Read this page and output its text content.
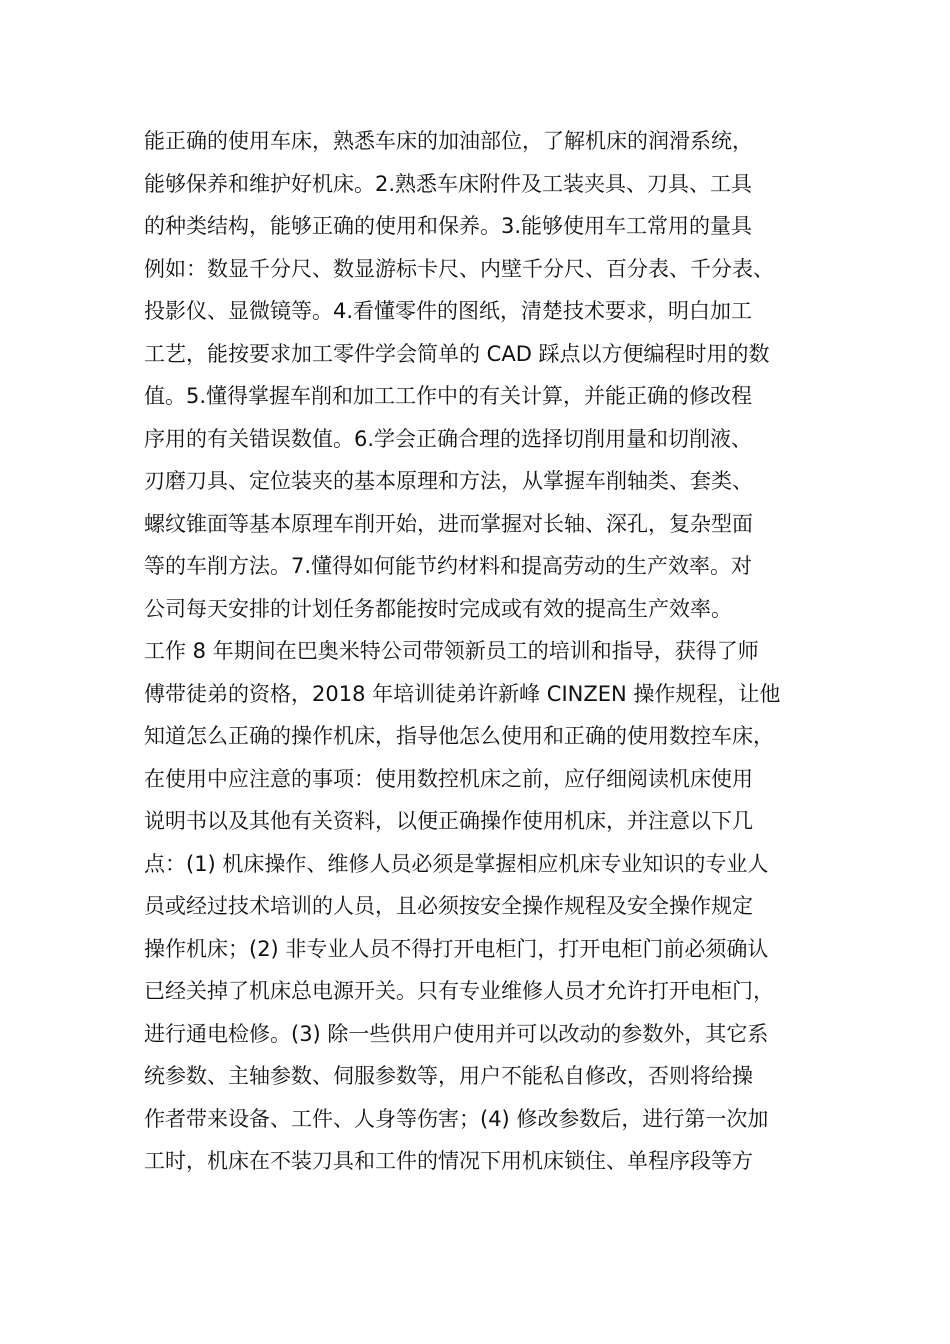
能正确的使用车床，熟悉车床的加油部位，了解机床的润滑系统，
能够保养和维护好机床。2.熟悉车床附件及工装夹具、刀具、工具
的种类结构，能够正确的使用和保养。3.能够使用车工常用的量具
例如：数显千分尺、数显游标卡尺、内壁千分尺、百分表、千分表、
投影仪、显微镜等。4.看懂零件的图纸，清楚技术要求，明白加工
工艺，能按要求加工零件学会简单的 CAD 踩点以方便编程时用的数
值。5.懂得掌握车削和加工工作中的有关计算，并能正确的修改程
序用的有关错误数值。6.学会正确合理的选择切削用量和切削液、
刃磨刀具、定位装夹的基本原理和方法，从掌握车削轴类、套类、
螺纹锥面等基本原理车削开始，进而掌握对长轴、深孔，复杂型面
等的车削方法。7.懂得如何能节约材料和提高劳动的生产效率。对
公司每天安排的计划任务都能按时完成或有效的提高生产效率。
工作 8 年期间在巴奥米特公司带领新员工的培训和指导，获得了师
傅带徒弟的资格，2018 年培训徒弟许新峰 CINZEN 操作规程，让他
知道怎么正确的操作机床，指导他怎么使用和正确的使用数控车床，
在使用中应注意的事项：使用数控机床之前，应仔细阅读机床使用
说明书以及其他有关资料，以便正确操作使用机床，并注意以下几
点：(1) 机床操作、维修人员必须是掌握相应机床专业知识的专业人
员或经过技术培训的人员，且必须按安全操作规程及安全操作规定
操作机床；(2) 非专业人员不得打开电柜门，打开电柜门前必须确认
已经关掉了机床总电源开关。只有专业维修人员才允许打开电柜门，
进行通电检修。(3) 除一些供用户使用并可以改动的参数外，其它系
统参数、主轴参数、伺服参数等，用户不能私自修改，否则将给操
作者带来设备、工件、人身等伤害；(4) 修改参数后，进行第一次加
工时，机床在不装刀具和工件的情况下用机床锁住、单程序段等方
